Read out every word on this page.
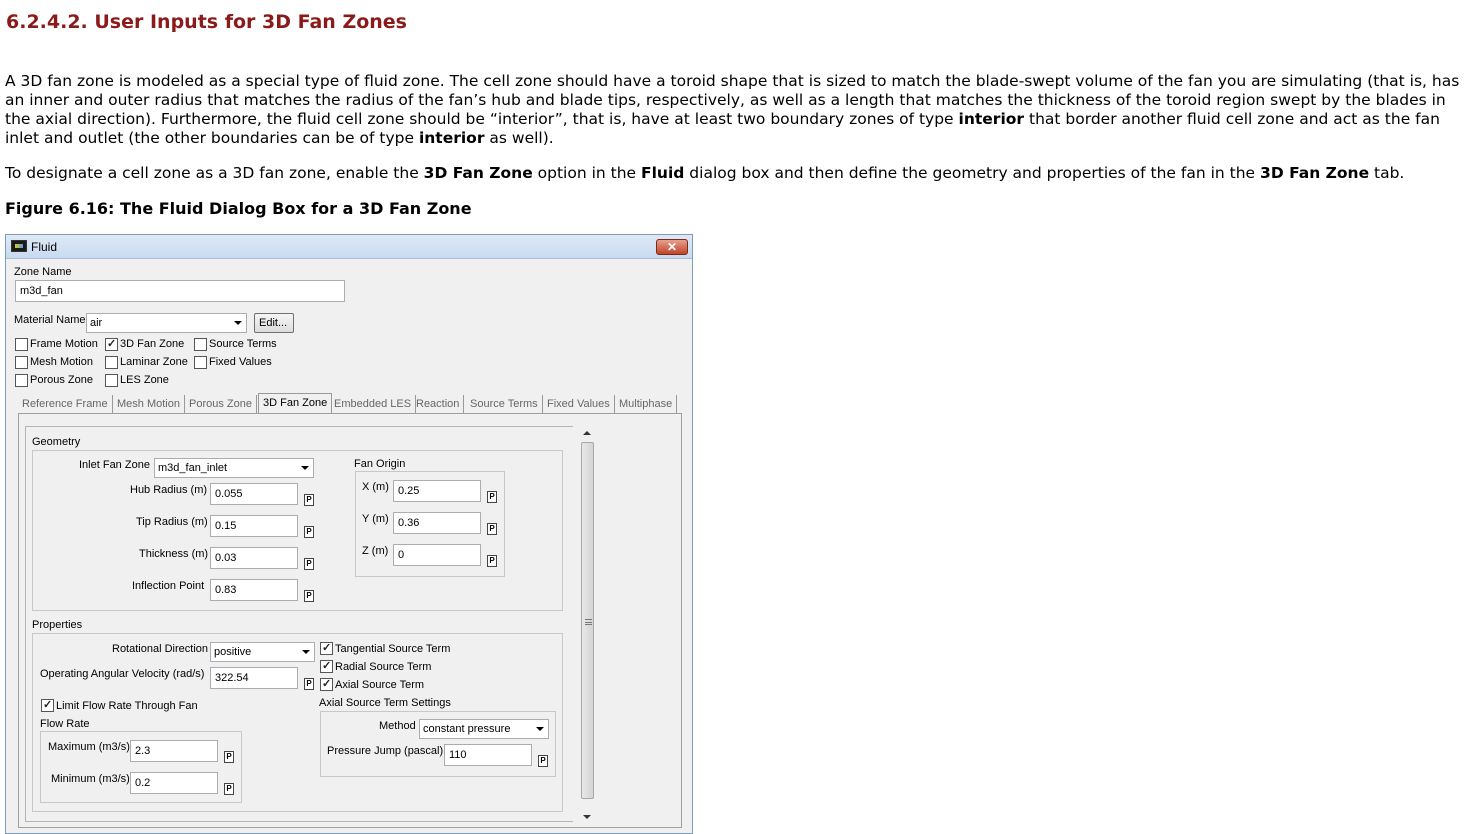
6.2.4.2. User Inputs for 3D Fan Zones

A 3D fan zone is modeled as a special type of fluid zone. The cell zone should have a toroid shape that is sized to match the blade-swept volume of the fan you are simulating (that is, has an inner and outer radius that matches the radius of the fan’s hub and blade tips, respectively, as well as a length that matches the thickness of the toroid region swept by the blades in the axial direction). Furthermore, the fluid cell zone should be “interior”, that is, have at least two boundary zones of type interior that border another fluid cell zone and act as the fan inlet and outlet (the other boundaries can be of type interior as well).

To designate a cell zone as a 3D fan zone, enable the 3D Fan Zone option in the Fluid dialog box and then define the geometry and properties of the fan in the 3D Fan Zone tab.

Figure 6.16: The Fluid Dialog Box for a 3D Fan Zone

Fluid	✕
Zone Name
m3d_fan
Material Name air	Edit...
Frame Motion
✓ 3D Fan Zone Source Terms
Mesh Motion Laminar Zone Fixed Values
Porous Zone LES Zone
Reference Frame Mesh Motion Porous Zone	3D Fan Zone Embedded LES Reaction Source Terms Fixed Values Multiphase
Geometry
Inlet Fan Zone m3d_fan_inlet
Hub Radius (m) 0.055	P
Tip Radius (m) 0.15	P
Thickness (m) 0.03	P
Inflection Point 0.83	P
Fan Origin
X (m) 0.25	P
Y (m) 0.36	P
Z (m) 0	P
Properties
Rotational Direction positive
Operating Angular Velocity (rad/s) 322.54	P
✓
Limit Flow Rate Through Fan
Flow Rate
Maximum (m3/s) 2.3	P
Minimum (m3/s) 0.2	P
✓
Tangential Source Term
✓
Radial Source Term
✓
Axial Source Term
Axial Source Term Settings
Method constant pressure
Pressure Jump (pascal) 110	P
